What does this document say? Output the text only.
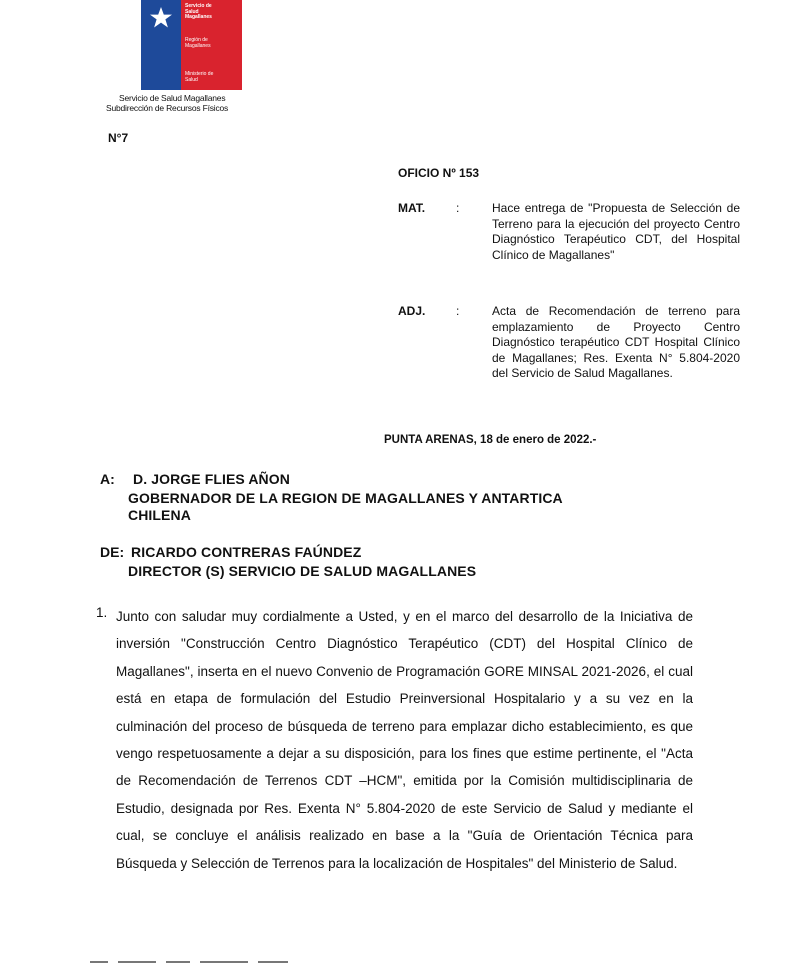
Servicio de
Salud
Magallanes
Región de
Magallanes
Ministerio de
Salud
Servicio de Salud Magallanes
Subdirección de Recursos Físicos
N°7
OFICIO Nº 153
MAT.	:	Hace entrega de "Propuesta de Selección de Terreno para la ejecución del proyecto Centro Diagnóstico Terapéutico CDT, del Hospital Clínico de Magallanes"
ADJ.	:	Acta de Recomendación de terreno para emplazamiento de Proyecto Centro Diagnóstico terapéutico CDT Hospital Clínico de Magallanes; Res. Exenta N° 5.804-2020 del Servicio de Salud Magallanes.
PUNTA ARENAS, 18 de enero de 2022.-
A: D. JORGE FLIES AÑON
GOBERNADOR DE LA REGION DE MAGALLANES Y ANTARTICA
CHILENA
DE: RICARDO CONTRERAS FAÚNDEZ
DIRECTOR (S) SERVICIO DE SALUD MAGALLANES
1. Junto con saludar muy cordialmente a Usted, y en el marco del desarrollo de la Iniciativa de inversión "Construcción Centro Diagnóstico Terapéutico (CDT) del Hospital Clínico de Magallanes", inserta en el nuevo Convenio de Programación GORE MINSAL 2021-2026, el cual está en etapa de formulación del Estudio Preinversional Hospitalario y a su vez en la culminación del proceso de búsqueda de terreno para emplazar dicho establecimiento, es que vengo respetuosamente a dejar a su disposición, para los fines que estime pertinente, el "Acta de Recomendación de Terrenos CDT –HCM", emitida por la Comisión multidisciplinaria de Estudio, designada por Res. Exenta N° 5.804-2020 de este Servicio de Salud y mediante el cual, se concluye el análisis realizado en base a la "Guía de Orientación Técnica para Búsqueda y Selección de Terrenos para la localización de Hospitales" del Ministerio de Salud.
